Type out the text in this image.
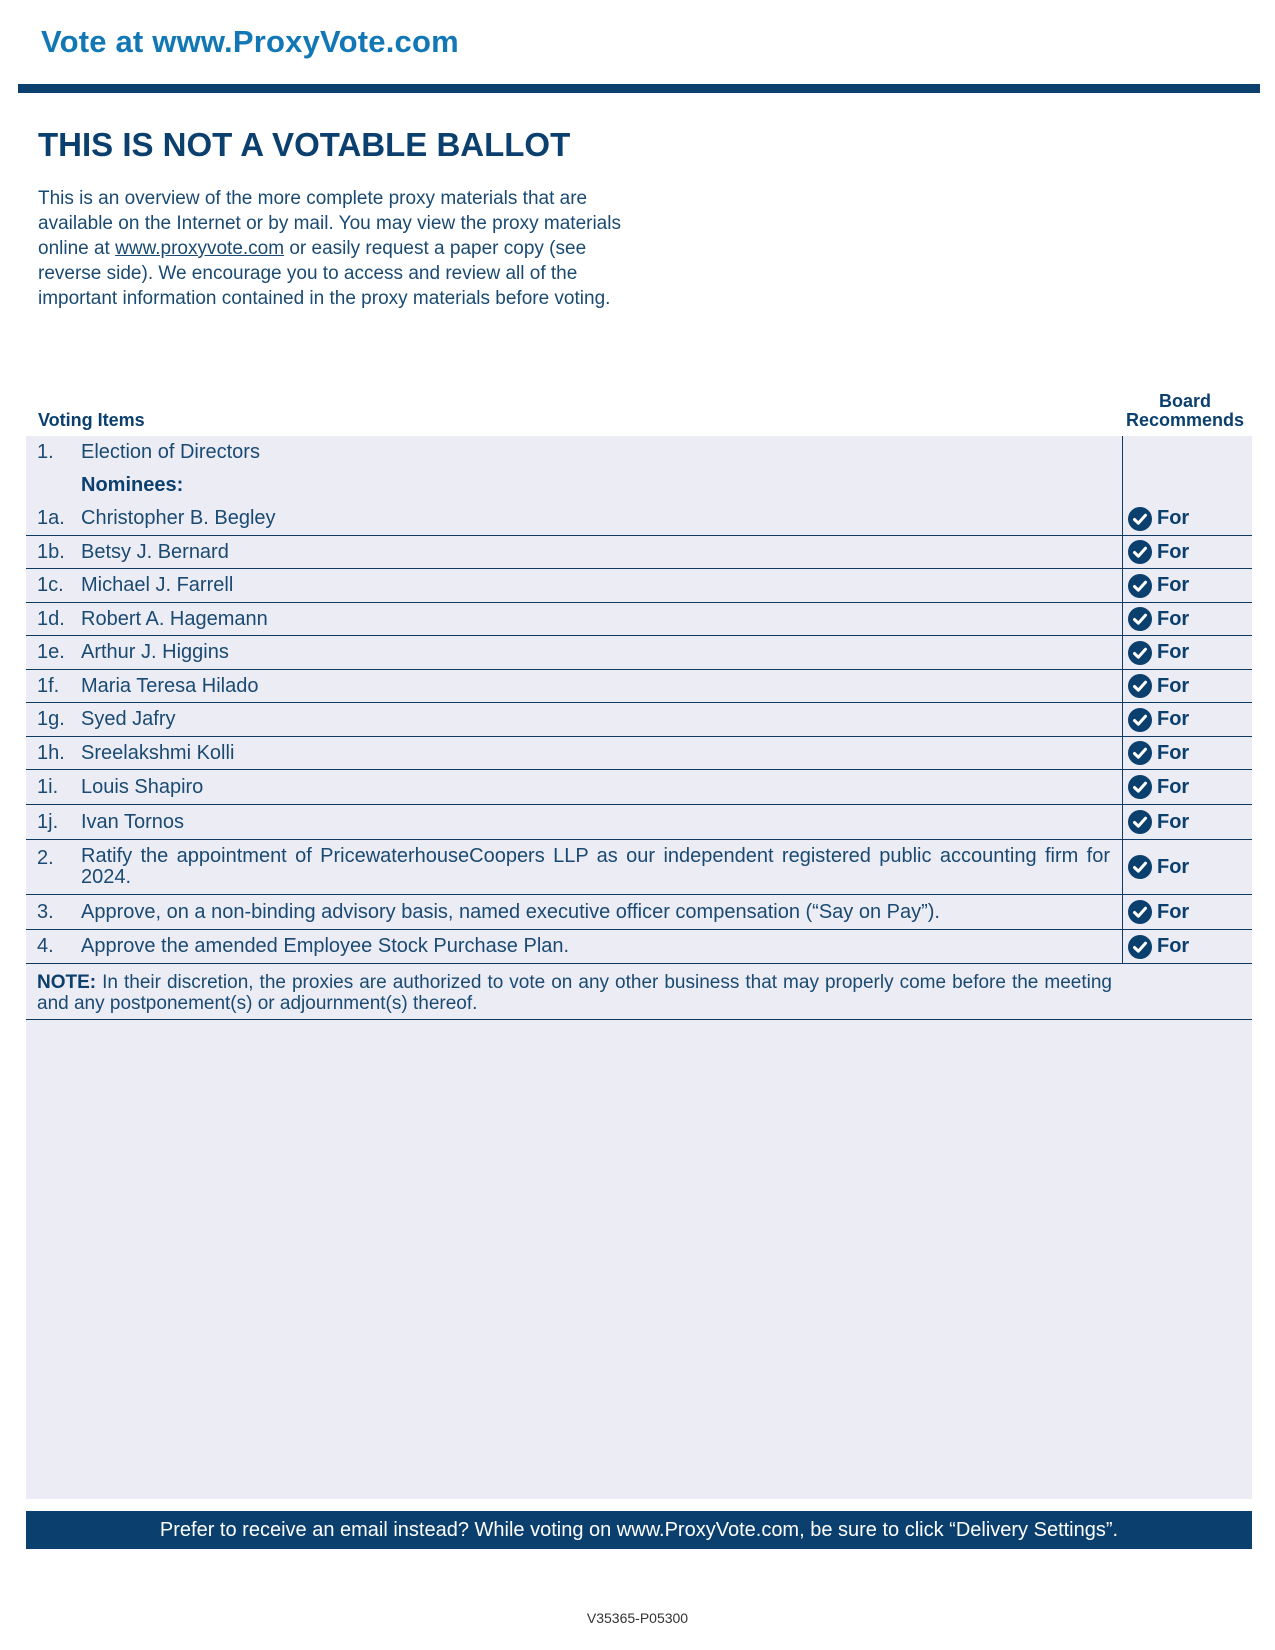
Vote at www.ProxyVote.com
THIS IS NOT A VOTABLE BALLOT
This is an overview of the more complete proxy materials that are available on the Internet or by mail. You may view the proxy materials online at www.proxyvote.com or easily request a paper copy (see reverse side). We encourage you to access and review all of the important information contained in the proxy materials before voting.
Voting Items
Board
Recommends
1.	Election of Directors
Nominees:
1a. Christopher B. Begley	For
1b. Betsy J. Bernard	For
1c. Michael J. Farrell	For
1d. Robert A. Hagemann	For
1e. Arthur J. Higgins	For
1f.	Maria Teresa Hilado	For
1g. Syed Jafry	For
1h. Sreelakshmi Kolli	For
1i.	Louis Shapiro	For
1j.	Ivan Tornos	For
2.	Ratify the appointment of PricewaterhouseCoopers LLP as our independent registered public accounting firm for 2024.	For
3.	Approve, on a non-binding advisory basis, named executive officer compensation (“Say on Pay”).	For
4.	Approve the amended Employee Stock Purchase Plan.	For
NOTE: In their discretion, the proxies are authorized to vote on any other business that may properly come before the meeting and any postponement(s) or adjournment(s) thereof.
Prefer to receive an email instead? While voting on www.ProxyVote.com, be sure to click “Delivery Settings”.
V35365-P05300
